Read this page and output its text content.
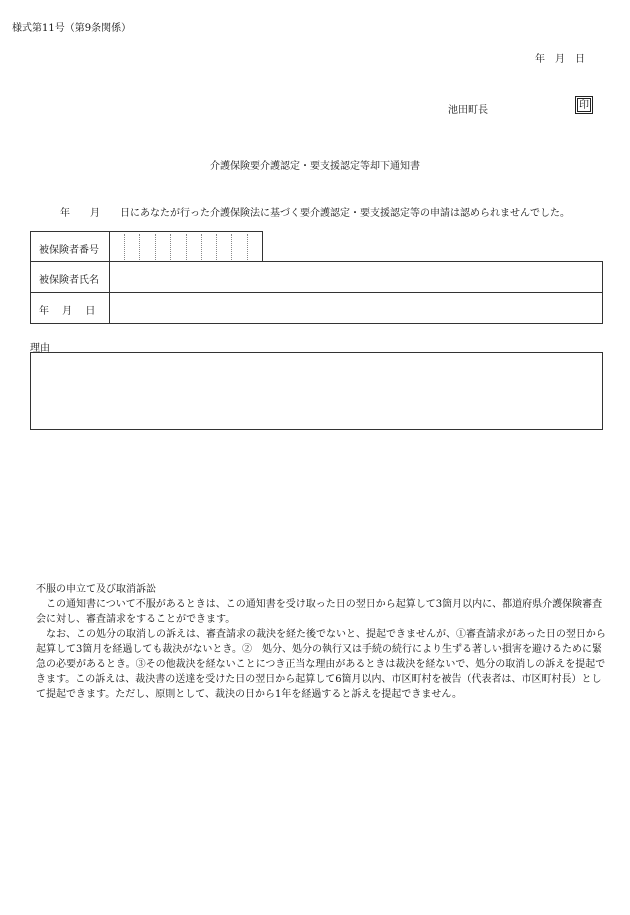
様式第11号（第9条関係）
年　月　日
池田町長	印
介護保険要介護認定・要支援認定等却下通知書
年　　月　　日にあなたが行った介護保険法に基づく要介護認定・要支援認定等の申請は認められませんでした。
被保険者番号
被保険者氏名
年　 月　 日
理由

不服の申立て及び取消訴訟

　この通知書について不服があるときは、この通知書を受け取った日の翌日から起算して3箇月以内に、都道府県介護保険審査会に対し、審査請求をすることができます。

　なお、この処分の取消しの訴えは、審査請求の裁決を経た後でないと、提起できませんが、①審査請求があった日の翌日から起算して3箇月を経過しても裁決がないとき。②　処分、処分の執行又は手続の続行により生ずる著しい損害を避けるために緊急の必要があるとき。③その他裁決を経ないことにつき正当な理由があるときは裁決を経ないで、処分の取消しの訴えを提起できます。この訴えは、裁決書の送達を受けた日の翌日から起算して6箇月以内、市区町村を被告（代表者は、市区町村長）として提起できます。ただし、原則として、裁決の日から1年を経過すると訴えを提起できません。
